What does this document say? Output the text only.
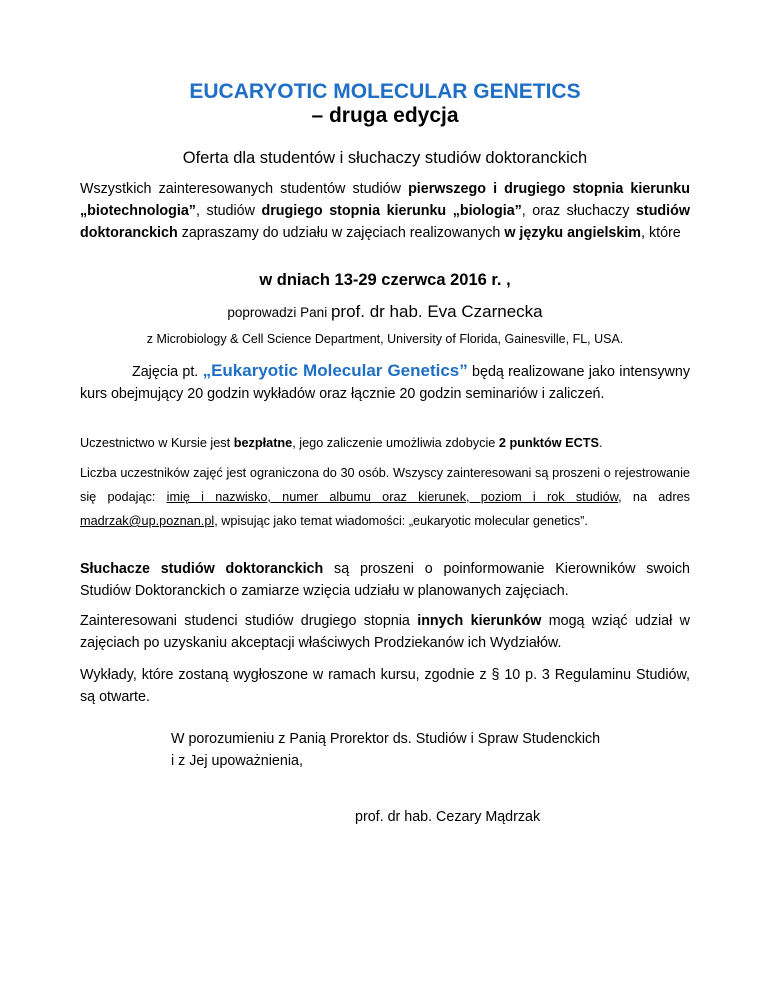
EUCARYOTIC MOLECULAR GENETICS
– druga edycja
Oferta dla studentów i słuchaczy studiów doktoranckich
Wszystkich zainteresowanych studentów studiów pierwszego i drugiego stopnia kierunku „biotechnologia”, studiów drugiego stopnia kierunku „biologia”, oraz słuchaczy studiów doktoranckich zapraszamy do udziału w zajęciach realizowanych w języku angielskim, które
w dniach 13-29 czerwca 2016 r. ,
poprowadzi Pani prof. dr hab. Eva Czarnecka
z Microbiology & Cell Science Department, University of Florida, Gainesville, FL, USA.
Zajęcia pt. „Eukaryotic Molecular Genetics” będą realizowane jako intensywny kurs obejmujący 20 godzin wykładów oraz łącznie 20 godzin seminariów i zaliczeń.
Uczestnictwo w Kursie jest bezpłatne, jego zaliczenie umożliwia zdobycie 2 punktów ECTS.
Liczba uczestników zajęć jest ograniczona do 30 osób. Wszyscy zainteresowani są proszeni o rejestrowanie się podając: imię i nazwisko, numer albumu oraz kierunek, poziom i rok studiów, na adres madrzak@up.poznan.pl, wpisując jako temat wiadomości: „eukaryotic molecular genetics”.
Słuchacze studiów doktoranckich są proszeni o poinformowanie Kierowników swoich Studiów Doktoranckich o zamiarze wzięcia udziału w planowanych zajęciach.
Zainteresowani studenci studiów drugiego stopnia innych kierunków mogą wziąć udział w zajęciach po uzyskaniu akceptacji właściwych Prodziekanów ich Wydziałów.
Wykłady, które zostaną wygłoszone w ramach kursu, zgodnie z § 10 p. 3 Regulaminu Studiów, są otwarte.
W porozumieniu z Panią Prorektor ds. Studiów i Spraw Studenckich
i z Jej upoważnienia,
prof. dr hab. Cezary Mądrzak
